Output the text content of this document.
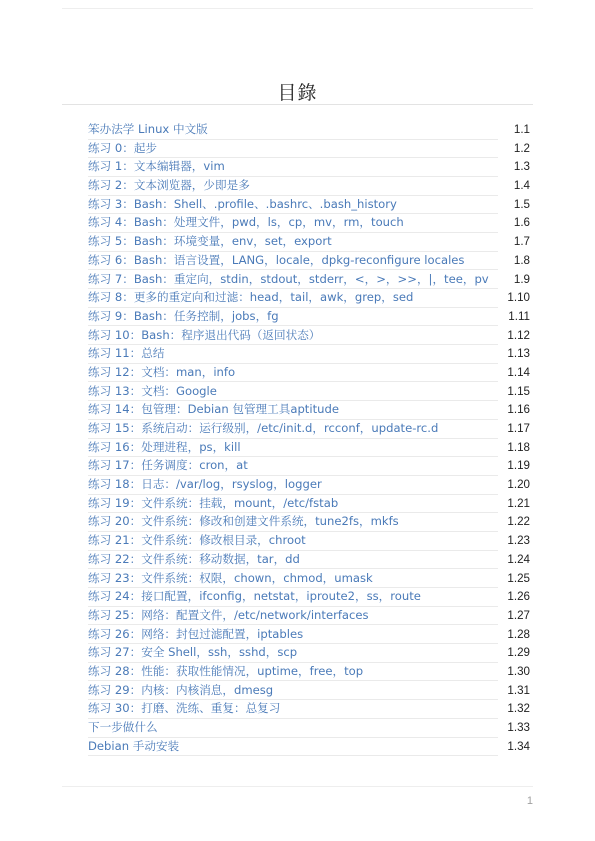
目錄
笨办法学 Linux 中文版	1.1
练习 0：起步	1.2
练习 1：文本编辑器，vim	1.3
练习 2：文本浏览器，少即是多	1.4
练习 3：Bash：Shell、.profile、.bashrc、.bash_history	1.5
练习 4：Bash：处理文件，pwd，ls，cp，mv，rm，touch	1.6
练习 5：Bash：环境变量，env，set，export	1.7
练习 6：Bash：语言设置，LANG，locale，dpkg-reconfigure locales	1.8
练习 7：Bash：重定向，stdin，stdout，stderr，<，>，>>，|，tee，pv	1.9
练习 8：更多的重定向和过滤：head，tail，awk，grep，sed	1.10
练习 9：Bash：任务控制，jobs，fg	1.11
练习 10：Bash：程序退出代码（返回状态）	1.12
练习 11：总结	1.13
练习 12：文档：man，info	1.14
练习 13：文档：Google	1.15
练习 14：包管理：Debian 包管理工具aptitude	1.16
练习 15：系统启动：运行级别，/etc/init.d，rcconf，update-rc.d	1.17
练习 16：处理进程，ps，kill	1.18
练习 17：任务调度：cron，at	1.19
练习 18：日志：/var/log，rsyslog，logger	1.20
练习 19：文件系统：挂载，mount，/etc/fstab	1.21
练习 20：文件系统：修改和创建文件系统，tune2fs，mkfs	1.22
练习 21：文件系统：修改根目录，chroot	1.23
练习 22：文件系统：移动数据，tar，dd	1.24
练习 23：文件系统：权限，chown，chmod，umask	1.25
练习 24：接口配置，ifconfig，netstat，iproute2，ss，route	1.26
练习 25：网络：配置文件，/etc/network/interfaces	1.27
练习 26：网络：封包过滤配置，iptables	1.28
练习 27：安全 Shell，ssh，sshd，scp	1.29
练习 28：性能：获取性能情况，uptime，free，top	1.30
练习 29：内核：内核消息，dmesg	1.31
练习 30：打磨、洗练、重复：总复习	1.32
下一步做什么	1.33
Debian 手动安装	1.34
1
